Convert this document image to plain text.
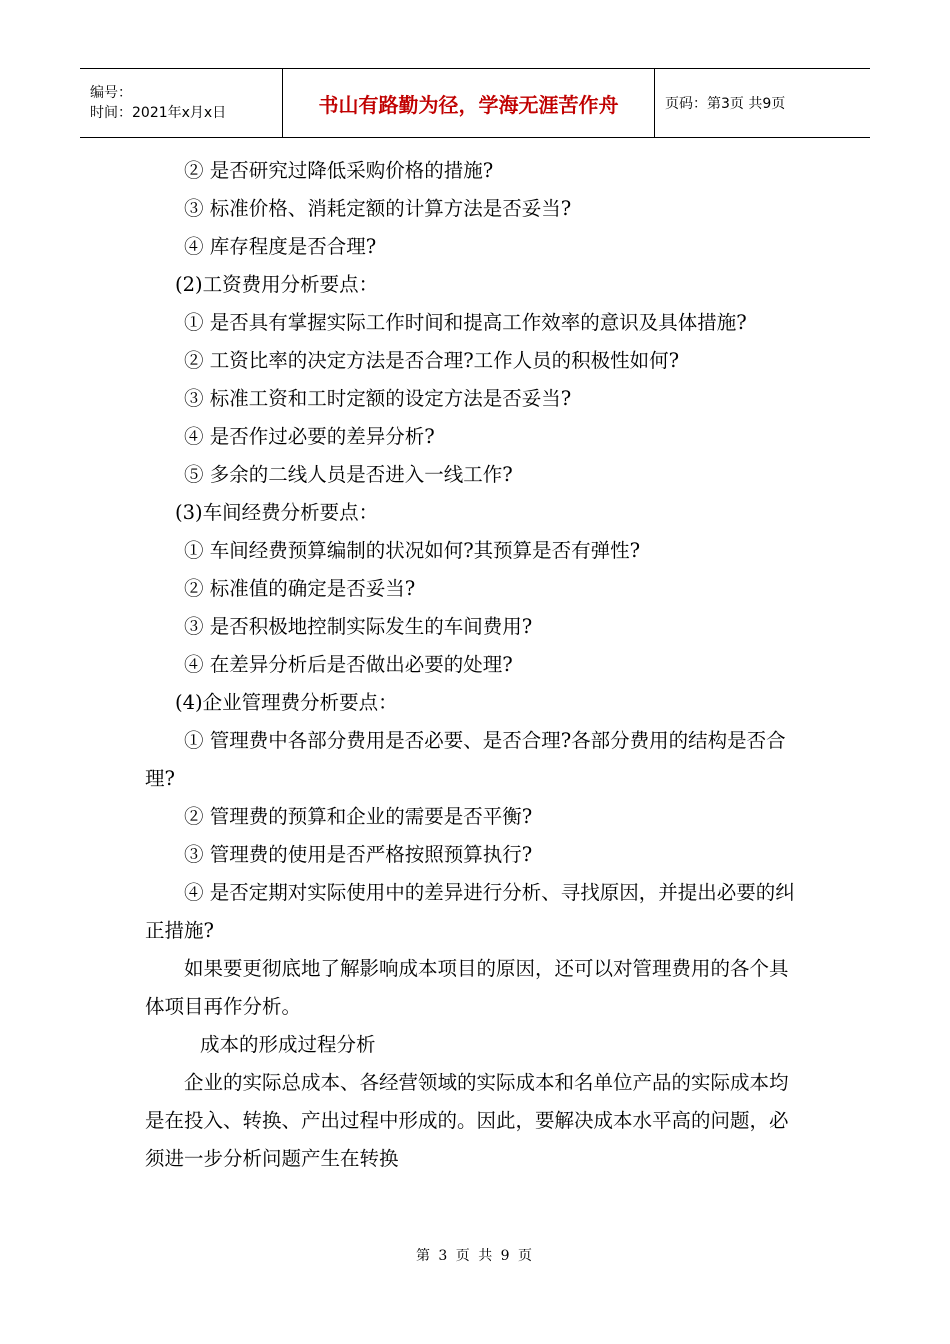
编号：
时间：2021年x月x日	书山有路勤为径，学海无涯苦作舟	页码：第3页 共9页

② 是否研究过降低采购价格的措施?

③ 标准价格、消耗定额的计算方法是否妥当?

④ 库存程度是否合理?

(2)工资费用分析要点：

① 是否具有掌握实际工作时间和提高工作效率的意识及具体措施?

② 工资比率的决定方法是否合理?工作人员的积极性如何?

③ 标准工资和工时定额的设定方法是否妥当?

④ 是否作过必要的差异分析?

⑤ 多余的二线人员是否进入一线工作?

(3)车间经费分析要点：

① 车间经费预算编制的状况如何?其预算是否有弹性?

② 标准值的确定是否妥当?

③ 是否积极地控制实际发生的车间费用?

④ 在差异分析后是否做出必要的处理?

(4)企业管理费分析要点：

① 管理费中各部分费用是否必要、是否合理?各部分费用的结构是否合理?

② 管理费的预算和企业的需要是否平衡?

③ 管理费的使用是否严格按照预算执行?

④ 是否定期对实际使用中的差异进行分析、寻找原因，并提出必要的纠正措施?

如果要更彻底地了解影响成本项目的原因，还可以对管理费用的各个具体项目再作分析。

成本的形成过程分析

企业的实际总成本、各经营领域的实际成本和名单位产品的实际成本均是在投入、转换、产出过程中形成的。因此，要解决成本水平高的问题，必须进一步分析问题产生在转换

第 3 页 共 9 页
